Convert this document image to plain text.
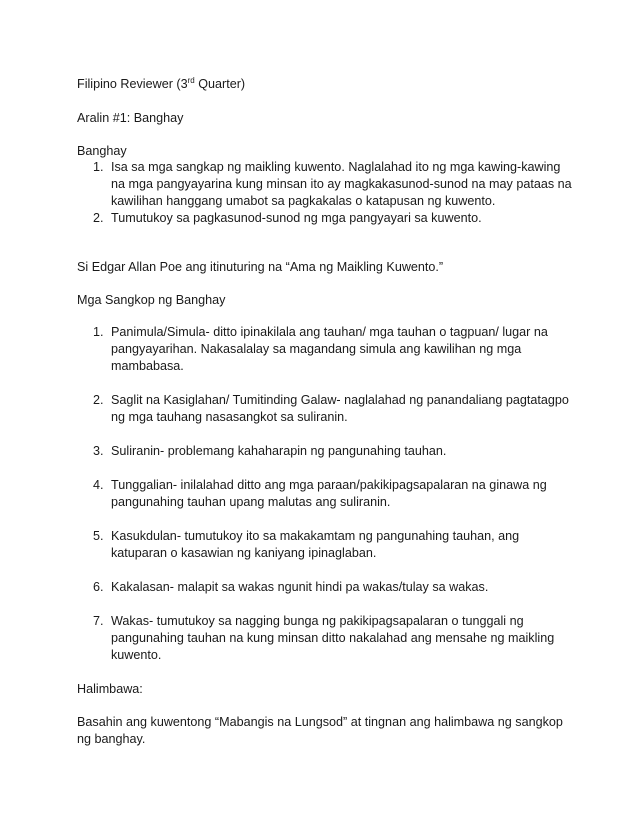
Filipino Reviewer (3rd Quarter)

Aralin #1: Banghay

Banghay

1. Isa sa mga sangkap ng maikling kuwento. Naglalahad ito ng mga kawing-kawing na mga pangyayarina kung minsan ito ay magkakasunod-sunod na may pataas na kawilihan hanggang umabot sa pagkakalas o katapusan ng kuwento.
2. Tumutukoy sa pagkasunod-sunod ng mga pangyayari sa kuwento.

Si Edgar Allan Poe ang itinuturing na “Ama ng Maikling Kuwento.”

Mga Sangkop ng Banghay

1. Panimula/Simula- ditto ipinakilala ang tauhan/ mga tauhan o tagpuan/ lugar na pangyayarihan. Nakasalalay sa magandang simula ang kawilihan ng mga mambabasa.
2. Saglit na Kasiglahan/ Tumitinding Galaw- naglalahad ng panandaliang pagtatagpo ng mga tauhang nasasangkot sa suliranin.
3. Suliranin- problemang kahaharapin ng pangunahing tauhan.
4. Tunggalian- inilalahad ditto ang mga paraan/pakikipagsapalaran na ginawa ng pangunahing tauhan upang malutas ang suliranin.
5. Kasukdulan- tumutukoy ito sa makakamtam ng pangunahing tauhan, ang katuparan o kasawian ng kaniyang ipinaglaban.
6. Kakalasan- malapit sa wakas ngunit hindi pa wakas/tulay sa wakas.
7. Wakas- tumutukoy sa nagging bunga ng pakikipagsapalaran o tunggali ng pangunahing tauhan na kung minsan ditto nakalahad ang mensahe ng maikling kuwento.

Halimbawa:

Basahin ang kuwentong “Mabangis na Lungsod” at tingnan ang halimbawa ng sangkop ng banghay.
